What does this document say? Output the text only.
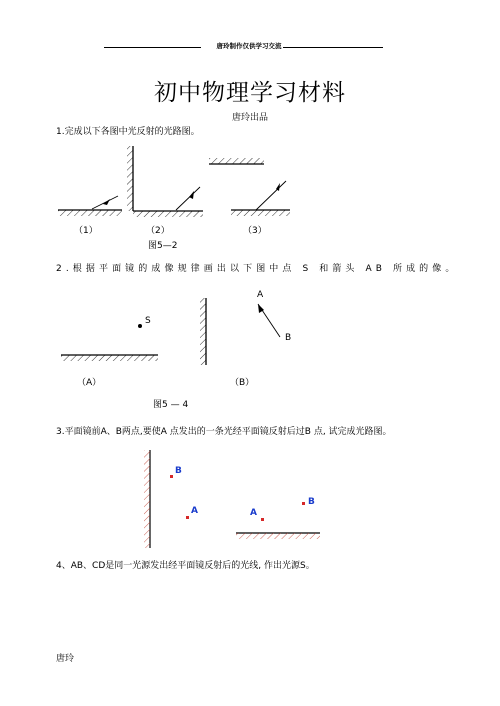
唐玲制作仅供学习交流
初中物理学习材料
唐玲出品
1.完成以下各图中光反射的光路图。
（1）	（2）	（3）
图5—2
2.根据平面镜的成像规律画出以下图中点 S 和箭头 AB 所成的像。
S
A
B
（A）	（B）
图5 — 4
3.平面镜前A、B两点,要使A 点发出的一条光经平面镜反射后过B 点, 试完成光路图。
B
A	A
B
4、AB、CD是同一光源发出经平面镜反射后的光线, 作出光源S。
唐玲
